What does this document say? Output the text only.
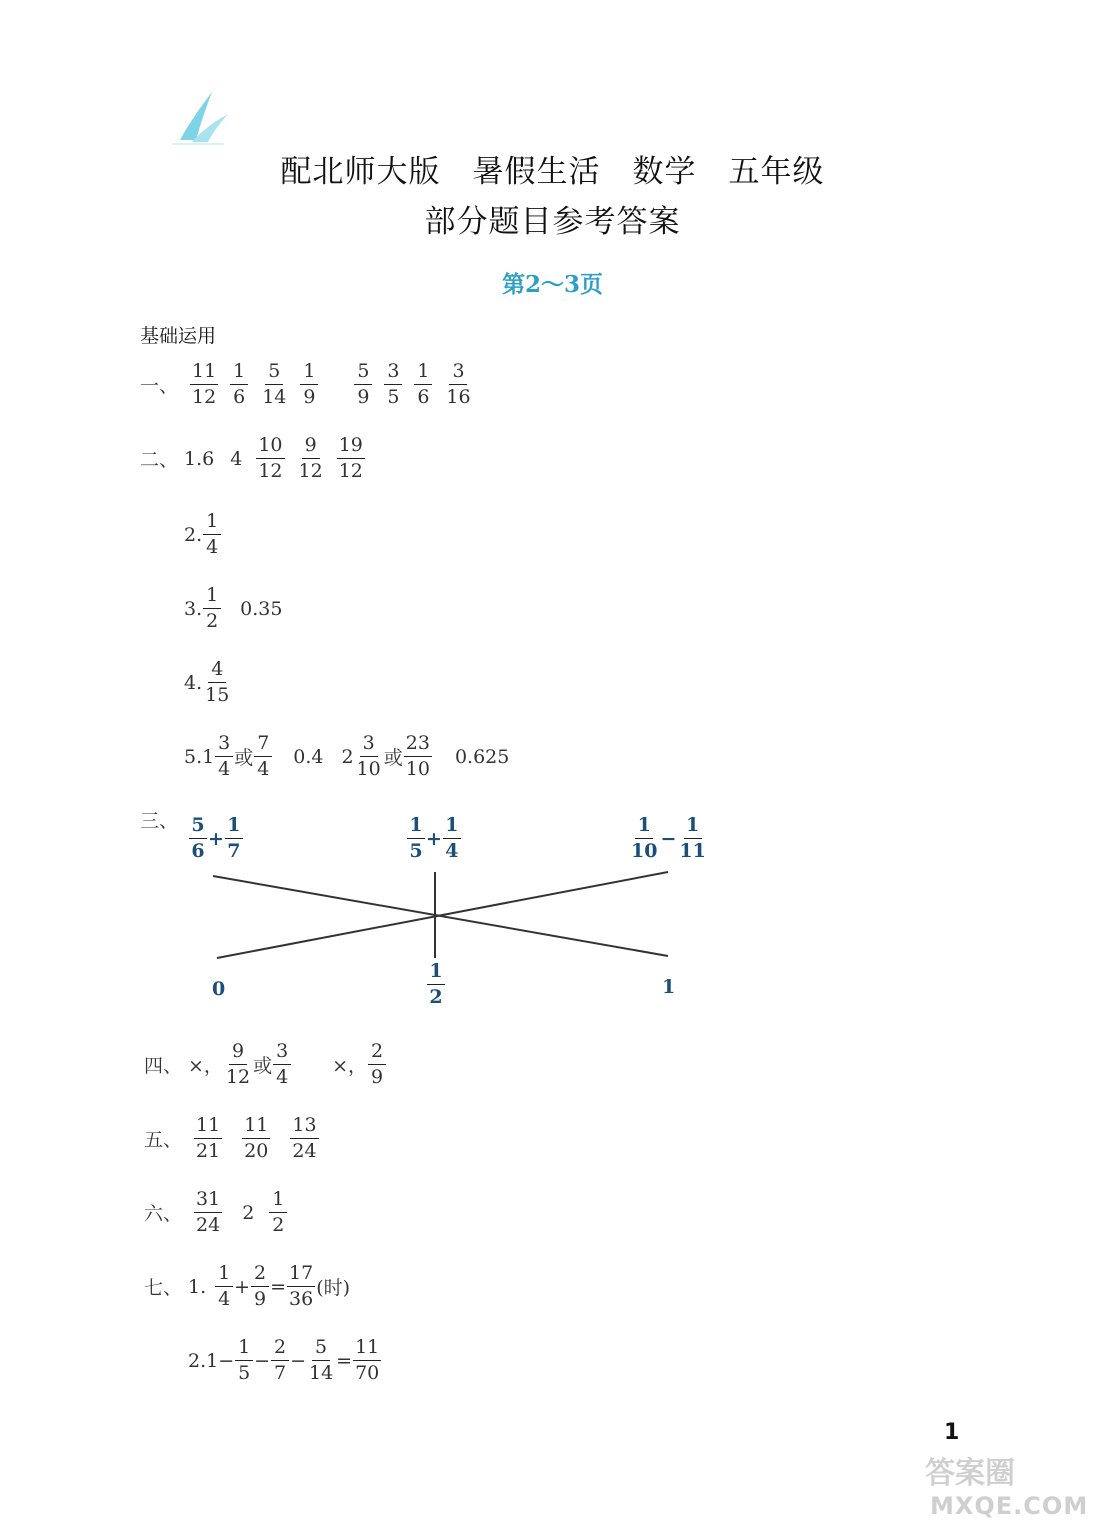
配北师大版 暑假生活 数学 五年级
部分题目参考答案
第2～3页
基础运用
一、 $\frac{11}{12} \frac{1}{6} \frac{5}{14} \frac{1}{9} \frac{5}{9} \frac{3}{5} \frac{1}{6} \frac{3}{16}$
二、 1.6 $4 \frac{10}{12} \frac{9}{12} \frac{19}{12}$
2. $\frac{1}{4}$
3. $\frac{1}{2} 0.35$
4. $\frac{4}{15}$
$5.1 \frac{3}{4}$ 或 $\frac{7}{4} 0.4$ $2 \frac{3}{10}$ 或 $\frac{23}{10} 0.625$
三、 $\frac{5}{6} + \frac{1}{7}$	$\frac{1}{5} + \frac{1}{4}$	$\frac{1}{10} - \frac{1}{11}$
0	$\frac{1}{2}$	1
四、 ×， $\frac{9}{12}$ 或 $\frac{3}{4}$ ×， $\frac{2}{9}$
五、 $\frac{11}{21} \frac{11}{20} \frac{13}{24}$
六、 $\frac{31}{24} 2 \frac{1}{2}$
七、 1. $\frac{1}{4} + \frac{2}{9} = \frac{17}{36}$ (时)
$2.1 - \frac{1}{5} - \frac{2}{7} - \frac{5}{14} = \frac{11}{70}$
1
答案圈
MXQE.COM
